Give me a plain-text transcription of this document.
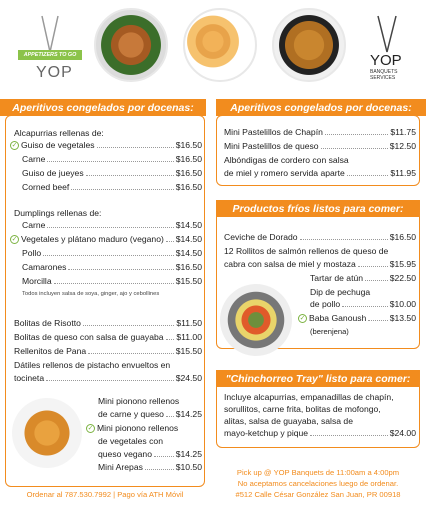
APPETIZERS TO GO
YOP
YOP
BANQUETS SERVICES
Aperitivos congelados por docenas:
Alcapurrias rellenas de:
✓ Guiso de vegetales	$16.50
Carne	$16.50
Guiso de jueyes	$16.50
Corned beef	$16.50
Dumplings rellenas de:
Carne	$14.50
✓ Vegetales y plátano maduro (vegano) $14.50
Pollo	$14.50
Camarones	$16.50
Morcilla	$15.50
Todos incluyen salsa de soya, ginger, ajo y cebollines
Bolitas de Risotto	$11.50
Bolitas de queso con salsa de guayaba $11.00
Rellenitos de Pana	$15.50
Dátiles rellenos de pistacho envueltos en
tocineta	$24.50
Mini pionono rellenos
de carne y queso $14.25
✓ Mini pionono rellenos
de vegetales con
queso vegano	$14.25
Mini Arepas	$10.50
Ordenar al 787.530.7992 | Pago vía ATH Móvil
Aperitivos congelados por docenas:
Mini Pastelillos de Chapín	$11.75
Mini Pastelillos de queso	$12.50
Albóndigas de cordero con salsa
de miel y romero servida aparte	$11.95
Productos fríos listos para comer:
Ceviche de Dorado	$16.50
12 Rollitos de salmón rellenos de queso de
cabra con salsa de miel y mostaza	$15.95
Tartar de atún	$22.50
Dip de pechuga
de pollo	$10.00
✓ Baba Ganoush	$13.50
(berenjena)
"Chinchorreo Tray" listo para comer:
Incluye alcapurrias, empanadillas de chapín,
sorullitos, carne frita, bolitas de mofongo,
alitas, salsa de guayaba, salsa de
mayo-ketchup y pique	$24.00
Pick up @ YOP Banquets de 11:00am a 4:00pm
No aceptamos cancelaciones luego de ordenar.
#512 Calle César González San Juan, PR 00918
